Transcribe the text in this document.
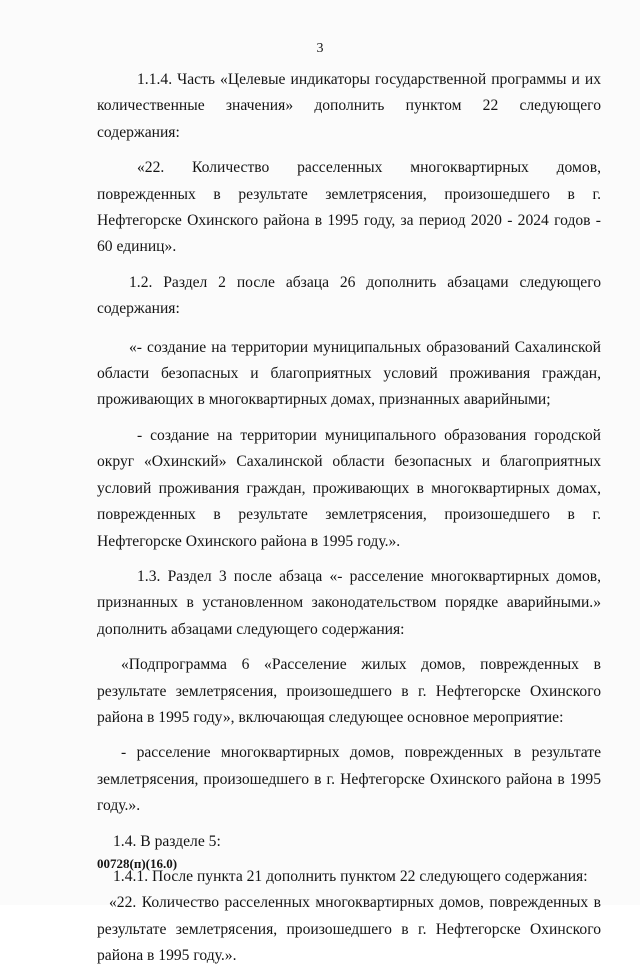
3

1.1.4. Часть «Целевые индикаторы государственной программы и их количественные значения» дополнить пунктом 22 следующего содержания:

«22. Количество расселенных многоквартирных домов, поврежденных в результате землетрясения, произошедшего в г. Нефтегорске Охинского района в 1995 году, за период 2020 - 2024 годов - 60 единиц».

1.2. Раздел 2 после абзаца 26 дополнить абзацами следующего содержания:

«- создание на территории муниципальных образований Сахалинской области безопасных и благоприятных условий проживания граждан, проживающих в многоквартирных домах, признанных аварийными;

- создание на территории муниципального образования городской округ «Охинский» Сахалинской области безопасных и благоприятных условий проживания граждан, проживающих в многоквартирных домах, поврежденных в результате землетрясения, произошедшего в г. Нефтегорске Охинского района в 1995 году.».

1.3. Раздел 3 после абзаца «- расселение многоквартирных домов, признанных в установленном законодательством порядке аварийными.» дополнить абзацами следующего содержания:

«Подпрограмма 6 «Расселение жилых домов, поврежденных в результате землетрясения, произошедшего в г. Нефтегорске Охинского района в 1995 году», включающая следующее основное мероприятие:

- расселение многоквартирных домов, поврежденных в результате землетрясения, произошедшего в г. Нефтегорске Охинского района в 1995 году.».

1.4. В разделе 5:

1.4.1. После пункта 21 дополнить пунктом 22 следующего содержания:

«22. Количество расселенных многоквартирных домов, поврежденных в результате землетрясения, произошедшего в г. Нефтегорске Охинского района в 1995 году.».

00728(п)(16.0)
